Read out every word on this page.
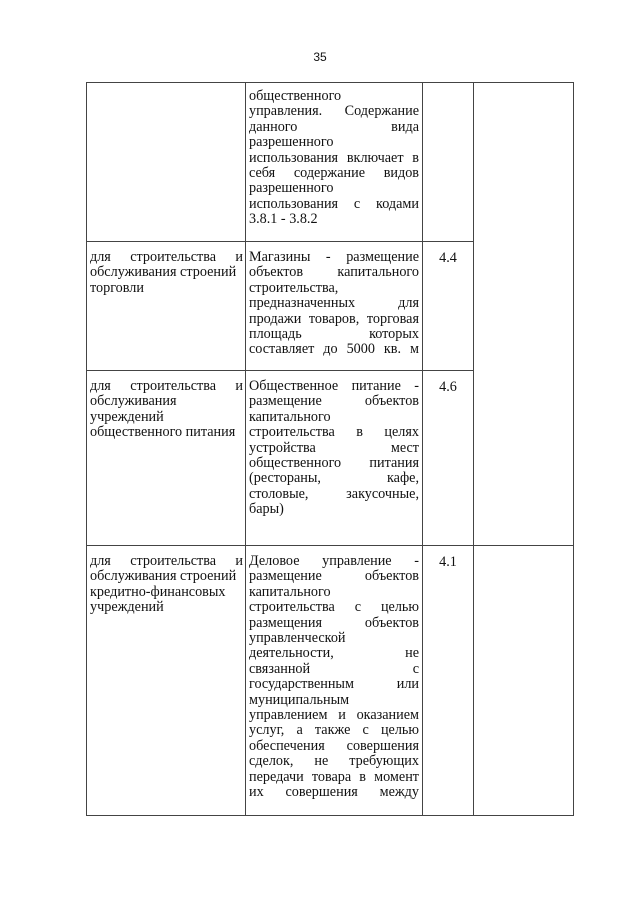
35
общественного
управления. Содержание
данного вида
разрешенного
использования включает в
себя содержание видов
разрешенного
использования с кодами
3.8.1 - 3.8.2
для строительства и
обслуживания строений
торговли
Магазины - размещение
объектов капитального
строительства,
предназначенных для
продажи товаров, торговая
площадь которых
составляет до 5000 кв. м
4.4
для строительства и
обслуживания
учреждений
общественного питания
Общественное питание -
размещение объектов
капитального
строительства в целях
устройства мест
общественного питания
(рестораны, кафе,
столовые, закусочные,
бары)
4.6
для строительства и
обслуживания строений
кредитно-финансовых
учреждений
Деловое управление -
размещение объектов
капитального
строительства с целью
размещения объектов
управленческой
деятельности, не
связанной с
государственным или
муниципальным
управлением и оказанием
услуг, а также с целью
обеспечения совершения
сделок, не требующих
передачи товара в момент
их совершения между
4.1
